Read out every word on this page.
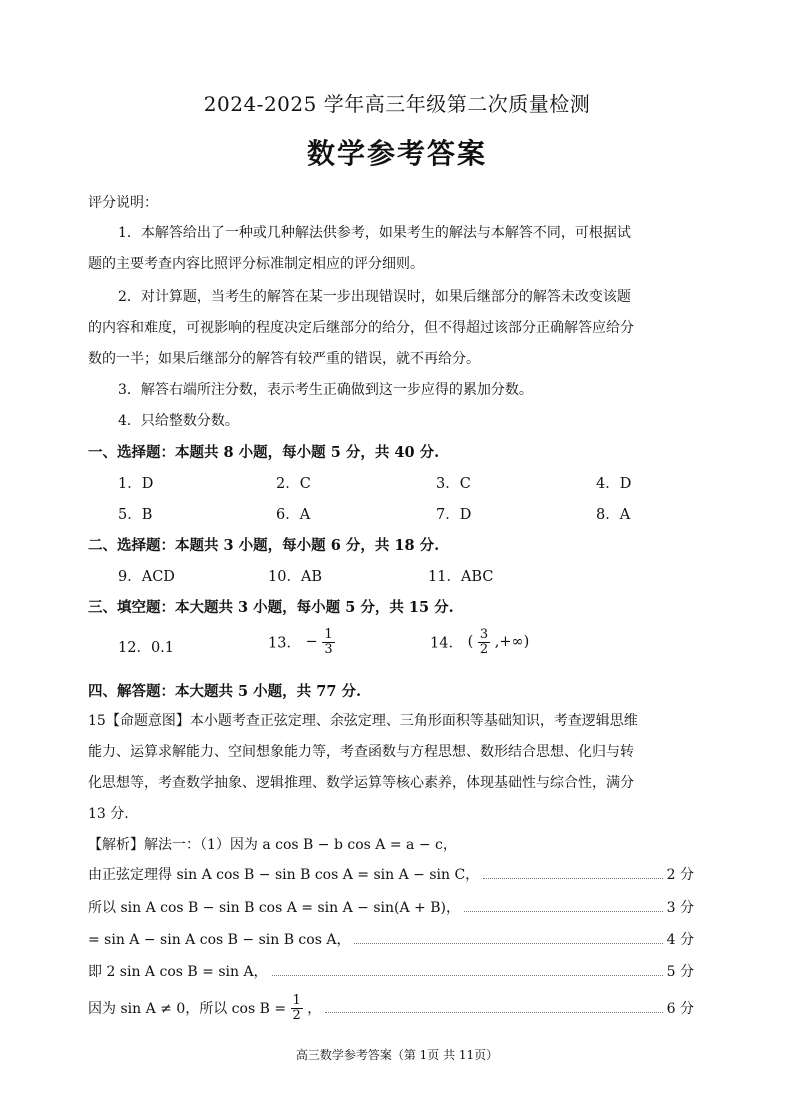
2024-2025 学年高三年级第二次质量检测
数学参考答案
评分说明：
1．本解答给出了一种或几种解法供参考，如果考生的解法与本解答不同，可根据试
题的主要考查内容比照评分标准制定相应的评分细则。
2．对计算题，当考生的解答在某一步出现错误时，如果后继部分的解答未改变该题
的内容和难度，可视影响的程度决定后继部分的给分，但不得超过该部分正确解答应给分
数的一半；如果后继部分的解答有较严重的错误，就不再给分。
3．解答右端所注分数，表示考生正确做到这一步应得的累加分数。
4．只给整数分数。
一、选择题：本题共 8 小题，每小题 5 分，共 40 分.
1．D	2．C	3．C	4．D
5．B	6．A	7．D	8．A
二、选择题：本题共 3 小题，每小题 6 分，共 18 分.
9．ACD	10．AB	11．ABC
三、填空题：本大题共 3 小题，每小题 5 分，共 15 分.
12．0.1	13． − $\frac{1}{3}$	14． ( $\frac{3}{2}$ ,+∞)
四、解答题：本大题共 5 小题，共 77 分.
15【命题意图】本小题考查正弦定理、余弦定理、三角形面积等基础知识，考查逻辑思维
能力、运算求解能力、空间想象能力等，考查函数与方程思想、数形结合思想、化归与转
化思想等，考查数学抽象、逻辑推理、数学运算等核心素养，体现基础性与综合性，满分
13 分.
【解析】解法一：（1）因为 a cos B − b cos A = a − c，
由正弦定理得 sin A cos B − sin B cos A = sin A − sin C，	2 分
所以 sin A cos B − sin B cos A = sin A − sin(A + B)，	3 分
= sin A − sin A cos B − sin B cos A，	4 分
即 2 sin A cos B = sin A，	5 分
因为 sin A ≠ 0，所以 $\cos B = \frac{1}{2}$ ，	6 分
高三数学参考答案（第 1页 共 11页）
